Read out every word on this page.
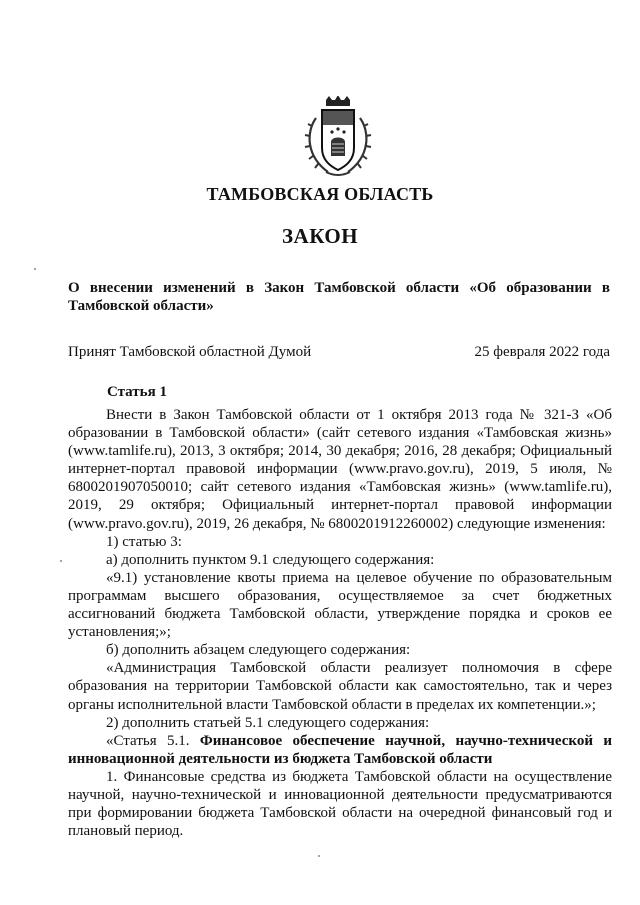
ТАМБОВСКАЯ ОБЛАСТЬ
ЗАКОН
О внесении изменений в Закон Тамбовской области «Об образовании в Тамбовской области»
Принят Тамбовской областной Думой	25 февраля 2022 года
Статья 1

Внести в Закон Тамбовской области от 1 октября 2013 года № 321-З «Об образовании в Тамбовской области» (сайт сетевого издания «Тамбовская жизнь» (www.tamlife.ru), 2013, 3 октября; 2014, 30 декабря; 2016, 28 декабря; Официальный интернет-портал правовой информации (www.pravo.gov.ru), 2019, 5 июля, № 6800201907050010; сайт сетевого издания «Тамбовская жизнь» (www.tamlife.ru), 2019, 29 октября; Официальный интернет-портал правовой информации (www.pravo.gov.ru), 2019, 26 декабря, № 6800201912260002) следующие изменения:

1) статью 3:

а) дополнить пунктом 9.1 следующего содержания:

«9.1) установление квоты приема на целевое обучение по образовательным программам высшего образования, осуществляемое за счет бюджетных ассигнований бюджета Тамбовской области, утверждение порядка и сроков ее установления;»;

б) дополнить абзацем следующего содержания:

«Администрация Тамбовской области реализует полномочия в сфере образования на территории Тамбовской области как самостоятельно, так и через органы исполнительной власти Тамбовской области в пределах их компетенции.»;

2) дополнить статьей 5.1 следующего содержания:

«Статья 5.1. Финансовое обеспечение научной, научно-технической и инновационной деятельности из бюджета Тамбовской области

1. Финансовые средства из бюджета Тамбовской области на осуществление научной, научно-технической и инновационной деятельности предусматриваются при формировании бюджета Тамбовской области на очередной финансовый год и плановый период.
